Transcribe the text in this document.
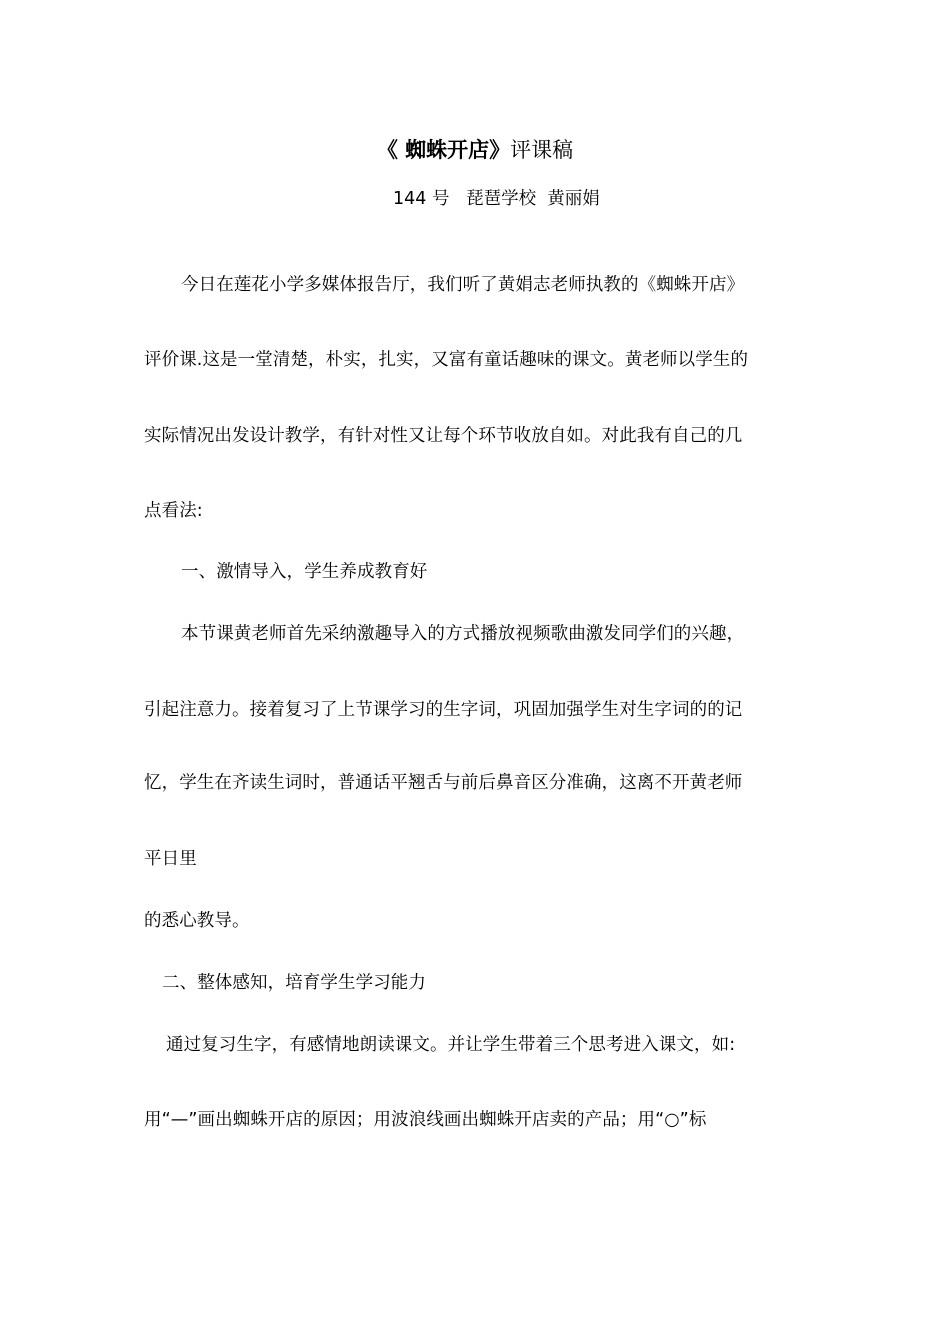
《 蜘蛛开店》评课稿
144 号   琵琶学校  黄丽娟
今日在莲花小学多媒体报告厅，我们听了黄娟志老师执教的《蜘蛛开店》
评价课.这是一堂清楚，朴实，扎实，又富有童话趣味的课文。黄老师以学生的
实际情况出发设计教学，有针对性又让每个环节收放自如。对此我有自己的几
点看法:
一、激情导入，学生养成教育好
本节课黄老师首先采纳激趣导入的方式播放视频歌曲激发同学们的兴趣，
引起注意力。接着复习了上节课学习的生字词，巩固加强学生对生字词的的记
忆，学生在齐读生词时，普通话平翘舌与前后鼻音区分准确，这离不开黄老师
平日里
的悉心教导。
二、整体感知，培育学生学习能力
通过复习生字，有感情地朗读课文。并让学生带着三个思考进入课文，如:
用“—”画出蜘蛛开店的原因；用波浪线画出蜘蛛开店卖的产品；用“○”标
